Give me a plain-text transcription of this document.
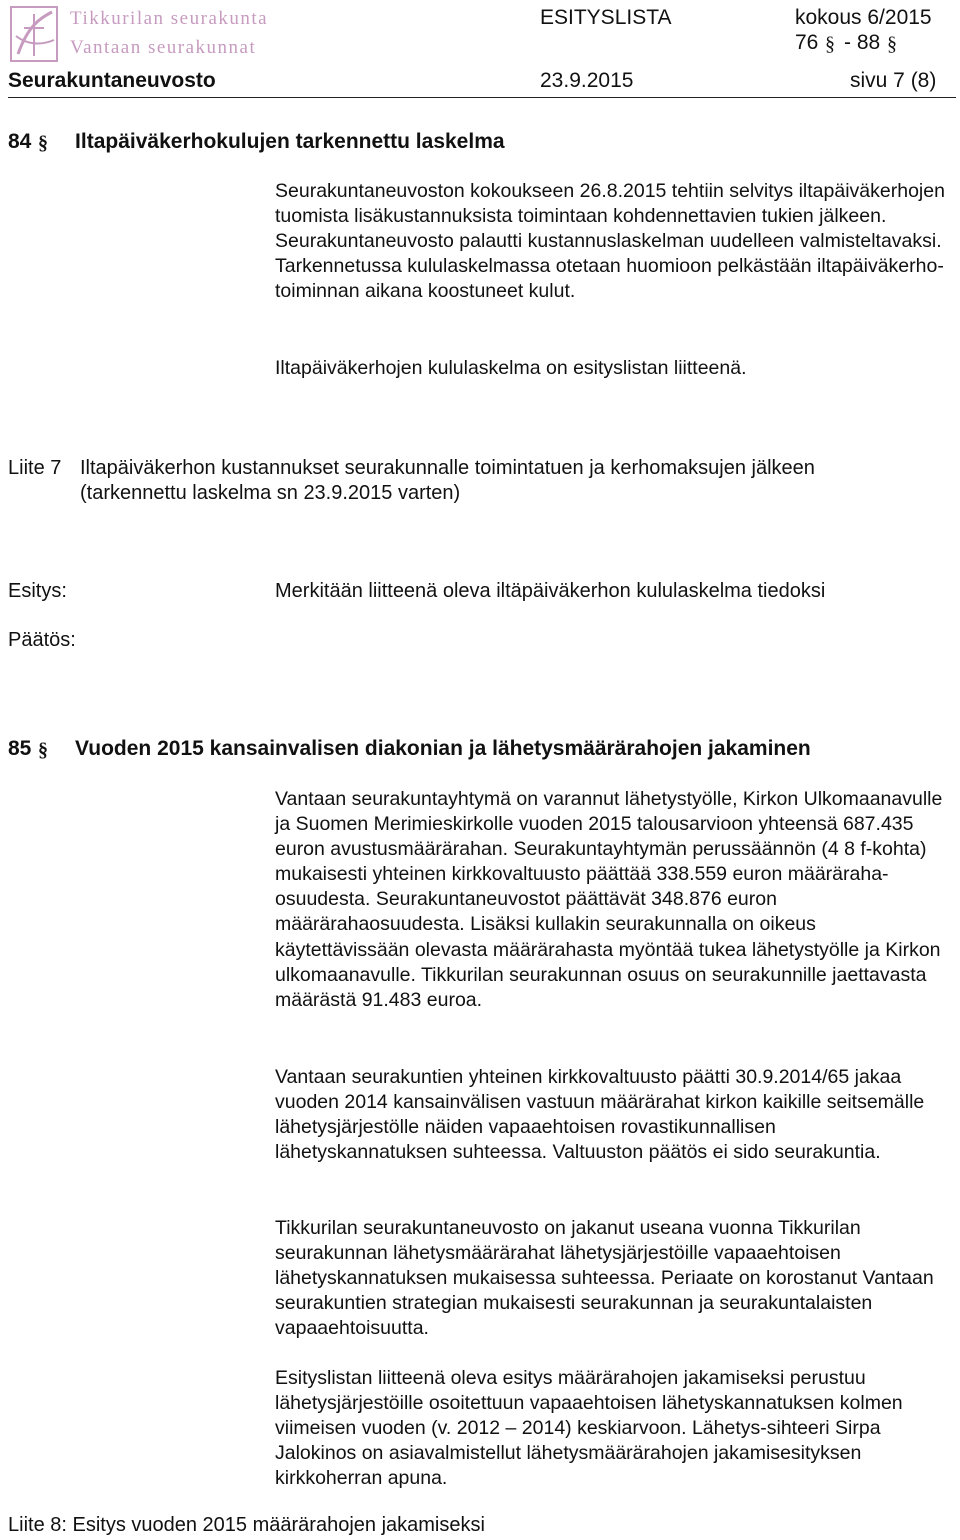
Tikkurilan seurakunta
Vantaan seurakunnat
ESITYSLISTA	kokous 6/2015
76 § - 88 §
Seurakuntaneuvosto	23.9.2015	sivu 7 (8)
84 § Iltapäiväkerhokulujen tarkennettu laskelma

Seurakuntaneuvoston kokoukseen 26.8.2015 tehtiin selvitys iltapäiväkerhojen tuomista lisäkustannuksista toimintaan kohdennettavien tukien jälkeen. Seurakuntaneuvosto palautti kustannuslaskelman uudelleen valmisteltavaksi. Tarkennetussa kululaskelmassa otetaan huomioon pelkästään iltapäiväkerho-toiminnan aikana koostuneet kulut.

Iltapäiväkerhojen kululaskelma on esityslistan liitteenä.

Liite 7 Iltapäiväkerhon kustannukset seurakunnalle toimintatuen ja kerhomaksujen jälkeen
(tarkennettu laskelma sn 23.9.2015 varten)
Esitys:	Merkitään liitteenä oleva iltäpäiväkerhon kululaskelma tiedoksi
Päätös:
85 § Vuoden 2015 kansainvalisen diakonian ja lähetysmäärärahojen jakaminen

Vantaan seurakuntayhtymä on varannut lähetystyölle, Kirkon Ulkomaanavulle ja Suomen Merimieskirkolle vuoden 2015 talousarvioon yhteensä 687.435 euron avustusmäärärahan. Seurakuntayhtymän perussäännön (4 8 f-kohta) mukaisesti yhteinen kirkkovaltuusto päättää 338.559 euron määräraha-osuudesta. Seurakuntaneuvostot päättävät 348.876 euron määrärahaosuudesta. Lisäksi kullakin seurakunnalla on oikeus käytettävissään olevasta määrärahasta myöntää tukea lähetystyölle ja Kirkon ulkomaanavulle. Tikkurilan seurakunnan osuus on seurakunnille jaettavasta määrästä 91.483 euroa.

Vantaan seurakuntien yhteinen kirkkovaltuusto päätti 30.9.2014/65 jakaa vuoden 2014 kansainvälisen vastuun määrärahat kirkon kaikille seitsemälle lähetysjärjestölle näiden vapaaehtoisen rovastikunnallisen lähetyskannatuksen suhteessa. Valtuuston päätös ei sido seurakuntia.

Tikkurilan seurakuntaneuvosto on jakanut useana vuonna Tikkurilan seurakunnan lähetysmäärärahat lähetysjärjestöille vapaaehtoisen lähetyskannatuksen mukaisessa suhteessa. Periaate on korostanut Vantaan seurakuntien strategian mukaisesti seurakunnan ja seurakuntalaisten vapaaehtoisuutta.

Esityslistan liitteenä oleva esitys määrärahojen jakamiseksi perustuu lähetysjärjestöille osoitettuun vapaaehtoisen lähetyskannatuksen kolmen viimeisen vuoden (v. 2012 – 2014) keskiarvoon. Lähetys-sihteeri Sirpa Jalokinos on asiavalmistellut lähetysmäärärahojen jakamisesityksen kirkkoherran apuna.

Liite 8: Esitys vuoden 2015 määrärahojen jakamiseksi
